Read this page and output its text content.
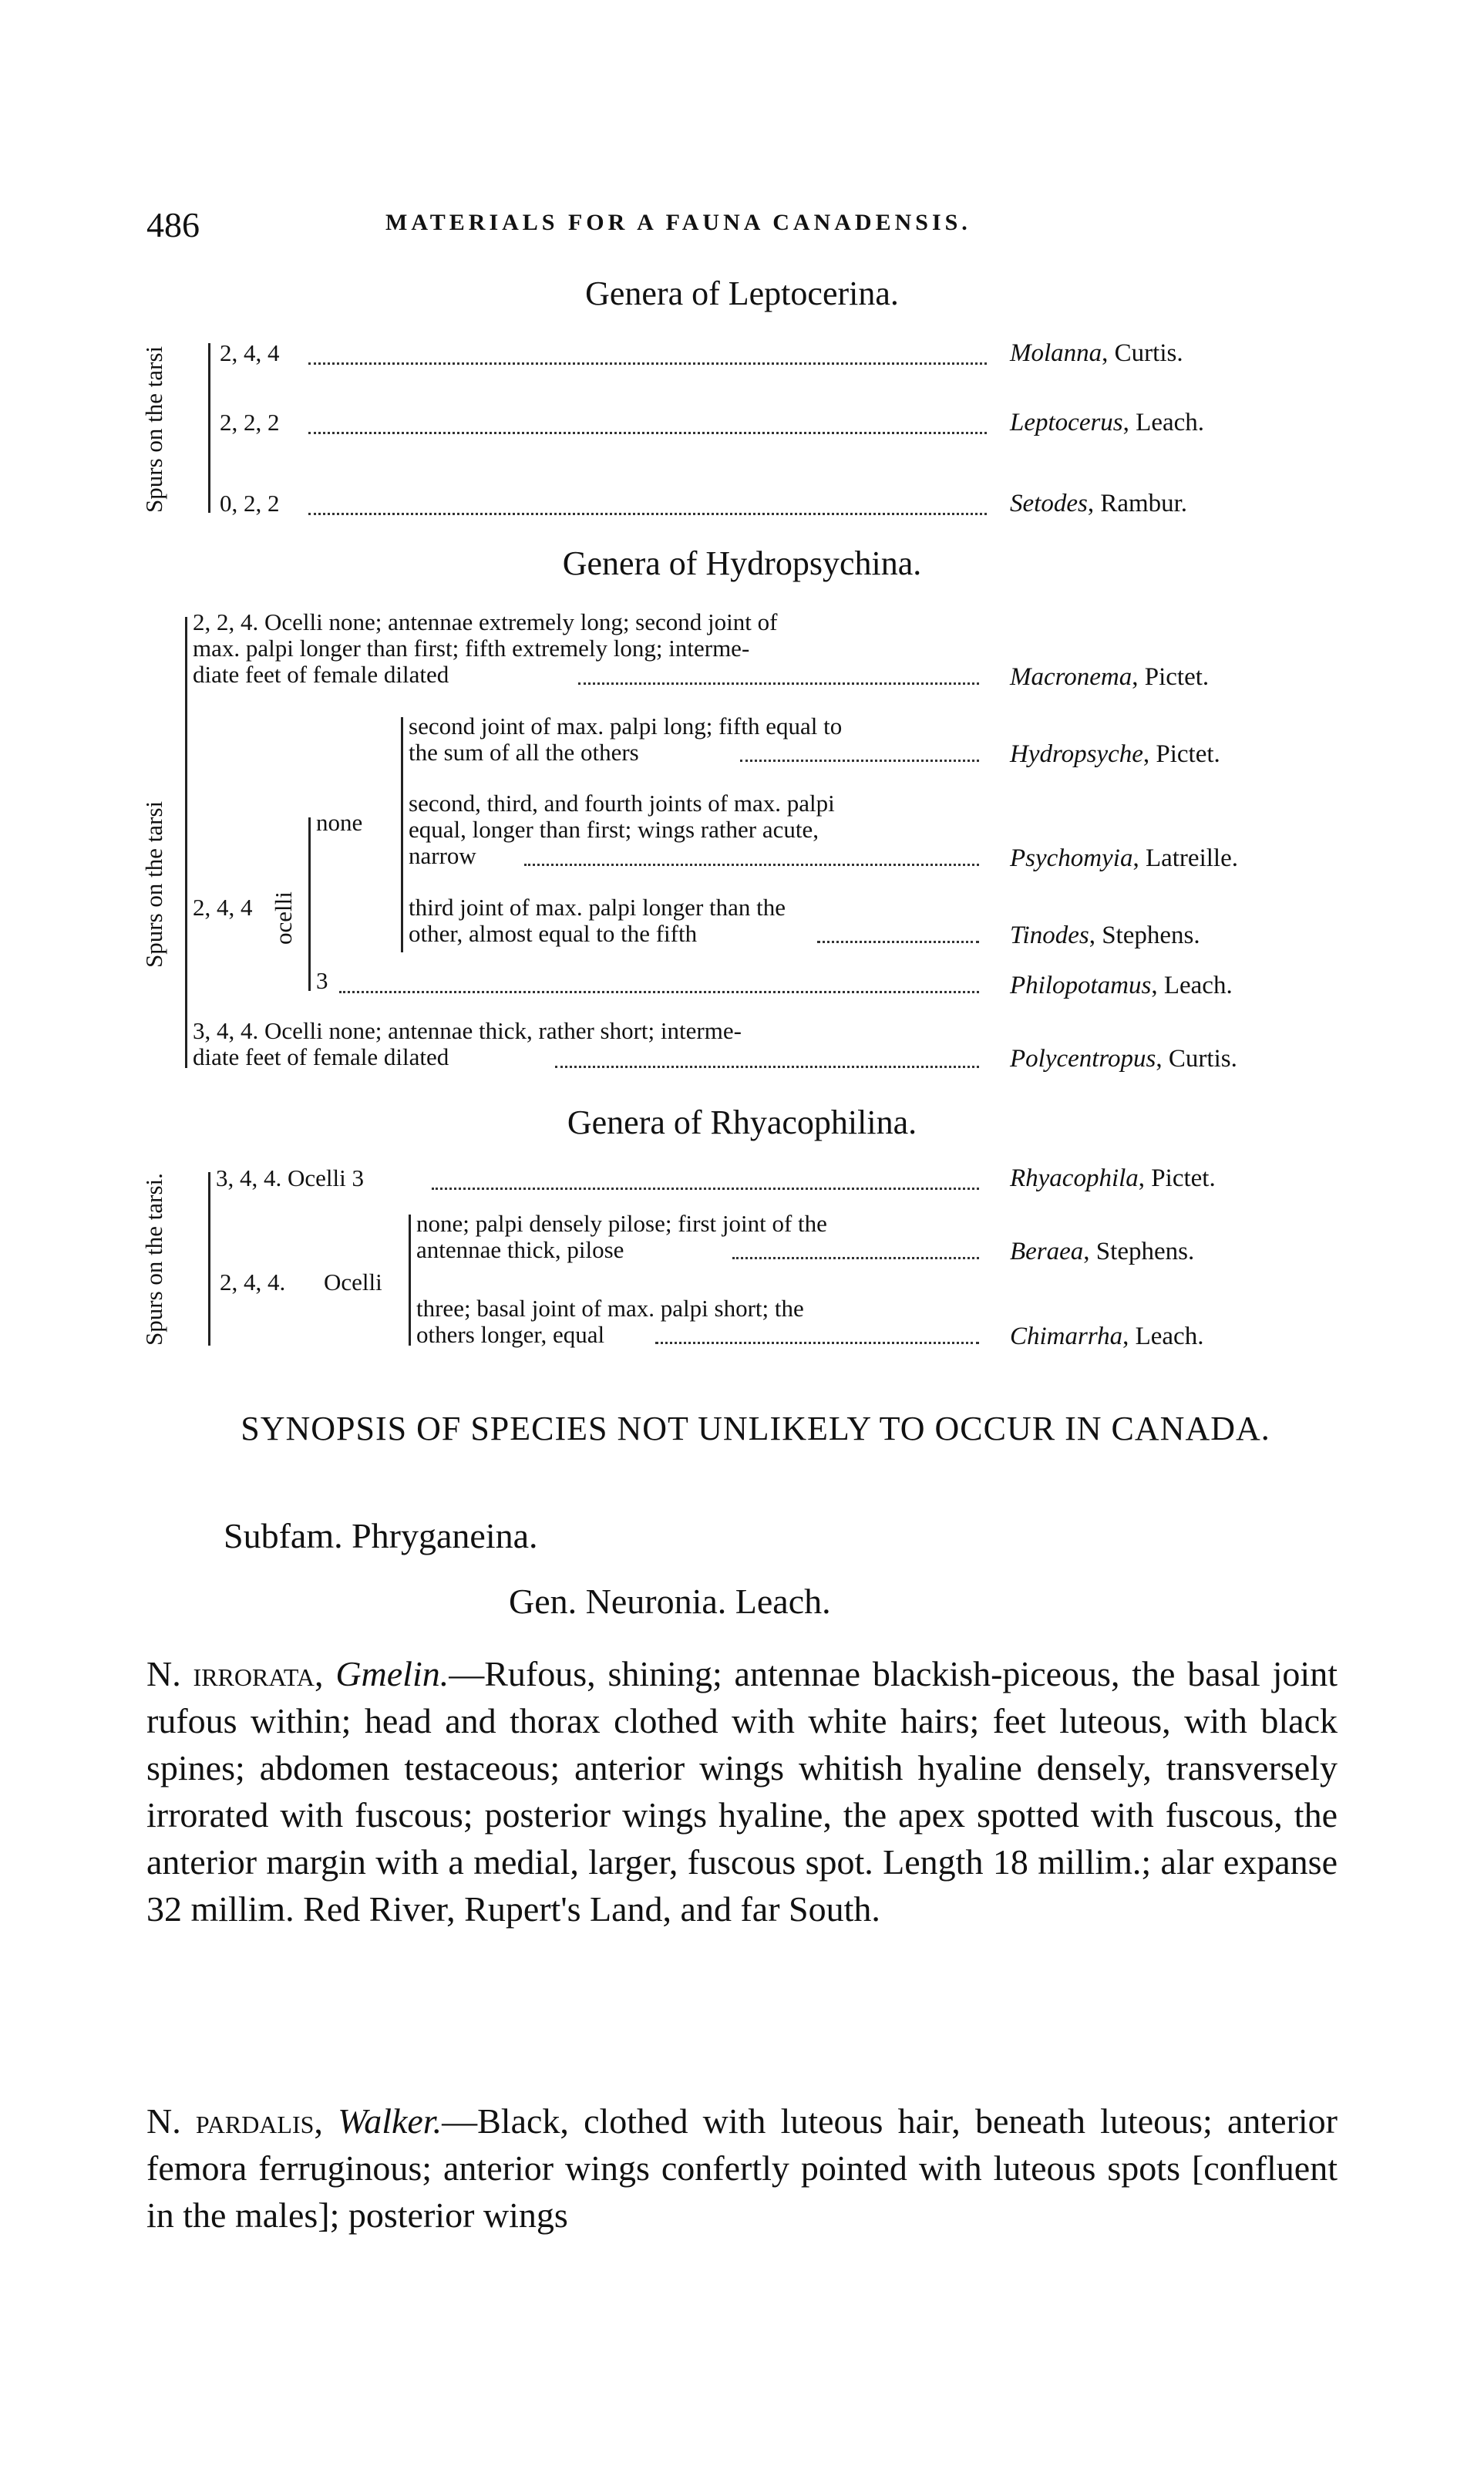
486	MATERIALS FOR A FAUNA CANADENSIS.
Genera of Leptocerina.
Spurs on the tarsi 2, 4, 4	Molanna, Curtis.
2, 2, 2	Leptocerus, Leach.
0, 2, 2	Setodes, Rambur.
Genera of Hydropsychina.
Spurs on the tarsi
2, 2, 4. Ocelli none; antennae extremely long; second joint of
max. palpi longer than first; fifth extremely long; interme-
diate feet of female dilated	Macronema, Pictet.
second joint of max. palpi long; fifth equal to
the sum of all the others	Hydropsyche, Pictet.
none
second, third, and fourth joints of max. palpi
equal, longer than first; wings rather acute,
narrow	Psychomyia, Latreille.
2, 4, 4 ocelli	third joint of max. palpi longer than the
other, almost equal to the fifth	Tinodes, Stephens.
3	Philopotamus, Leach.
3, 4, 4. Ocelli none; antennae thick, rather short; interme-
diate feet of female dilated	Polycentropus, Curtis.
Genera of Rhyacophilina.
Spurs on the tarsi. 3, 4, 4. Ocelli 3	Rhyacophila, Pictet.
2, 4, 4. Ocelli
none; palpi densely pilose; first joint of the
antennae thick, pilose	Beraea, Stephens.
three; basal joint of max. palpi short; the
others longer, equal	Chimarrha, Leach.
SYNOPSIS OF SPECIES NOT UNLIKELY TO OCCUR IN CANADA.
Subfam. Phryganeina.
Gen. Neuronia. Leach.
N. irrorata, Gmelin.—Rufous, shining; antennae blackish-piceous, the basal joint rufous within; head and thorax clothed with white hairs; feet luteous, with black spines; abdomen testaceous; anterior wings whitish hyaline densely, transversely irrorated with fuscous; posterior wings hyaline, the apex spotted with fuscous, the anterior margin with a medial, larger, fuscous spot. Length 18 millim.; alar expanse 32 millim. Red River, Rupert's Land, and far South.
N. pardalis, Walker.—Black, clothed with luteous hair, beneath luteous; anterior femora ferruginous; anterior wings confertly pointed with luteous spots [confluent in the males]; posterior wings
